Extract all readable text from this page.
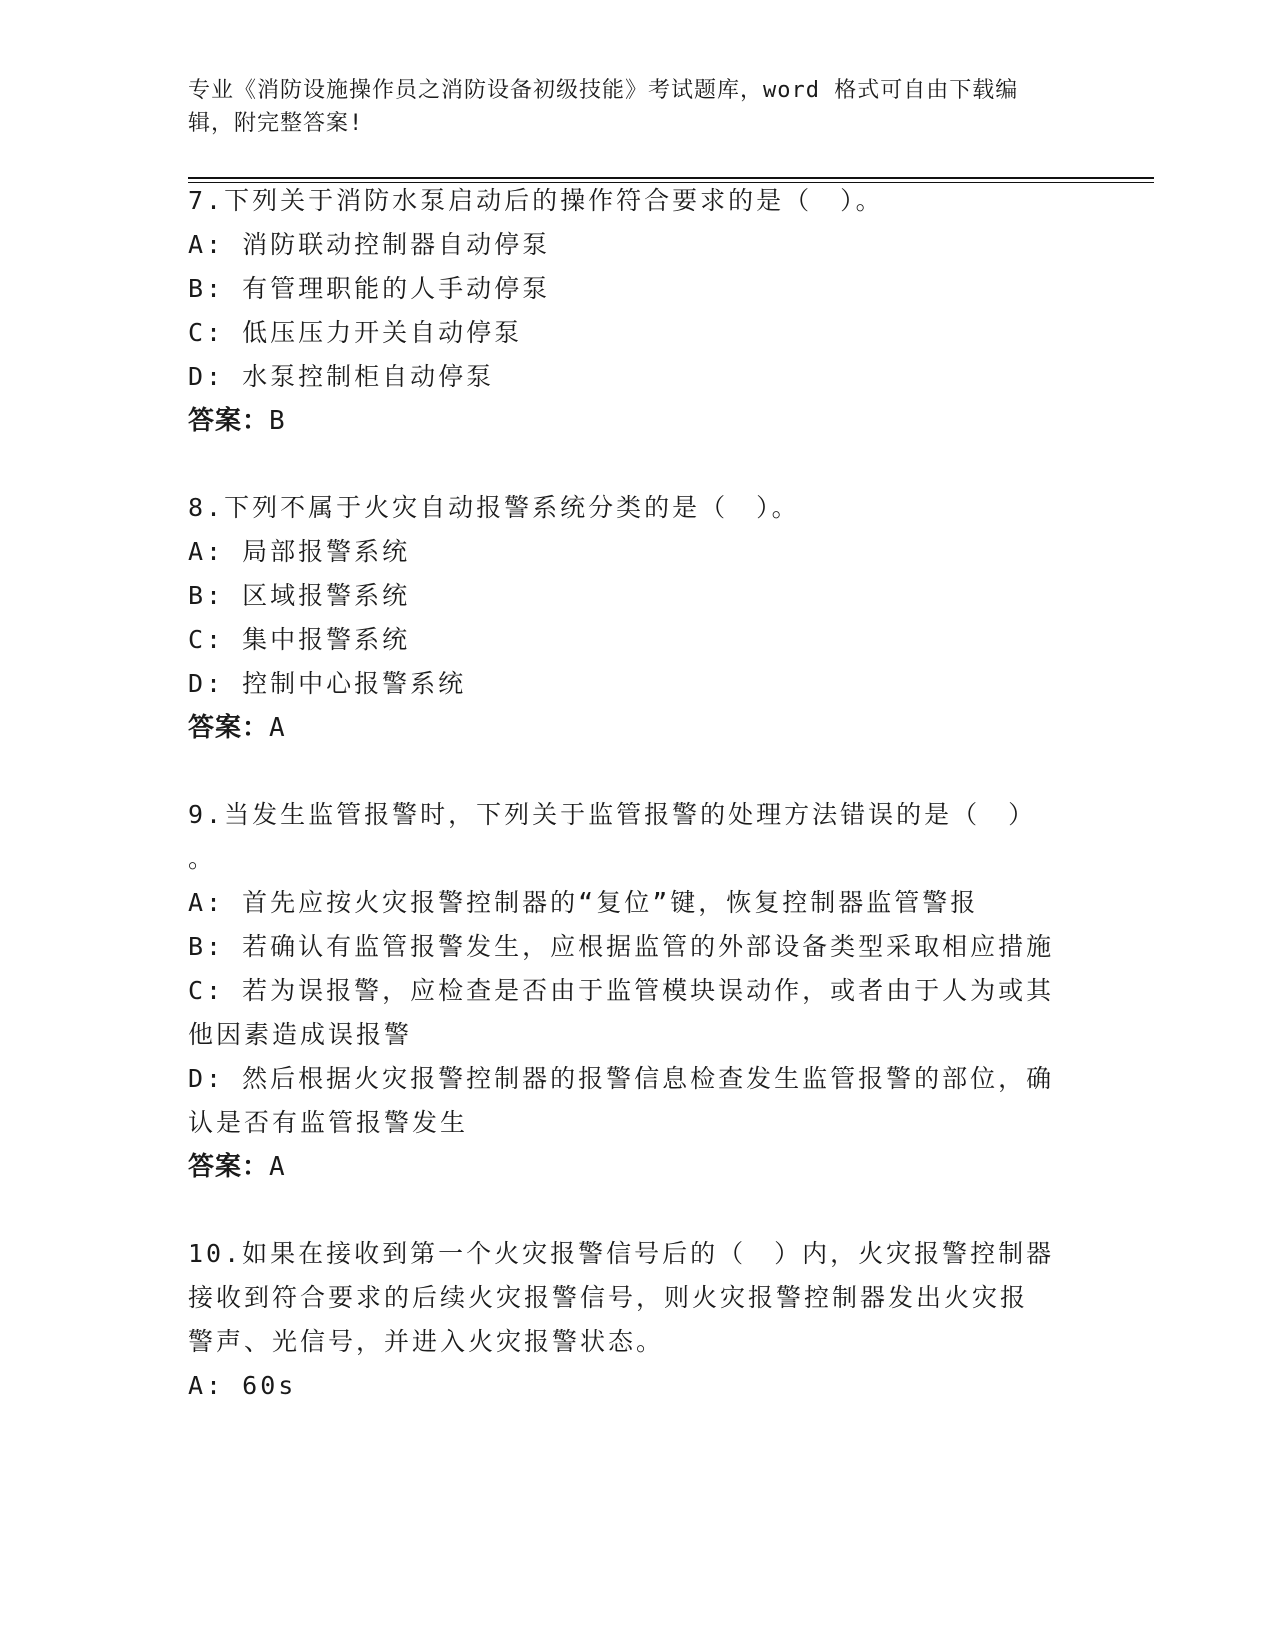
专业《消防设施操作员之消防设备初级技能》考试题库，word 格式可自由下载编
辑，附完整答案!
7.下列关于消防水泵启动后的操作符合要求的是（　）。
A: 消防联动控制器自动停泵
B: 有管理职能的人手动停泵
C: 低压压力开关自动停泵
D: 水泵控制柜自动停泵
答案：B
8.下列不属于火灾自动报警系统分类的是（　）。
A: 局部报警系统
B: 区域报警系统
C: 集中报警系统
D: 控制中心报警系统
答案：A
9.当发生监管报警时，下列关于监管报警的处理方法错误的是（　）
。
A: 首先应按火灾报警控制器的“复位”键，恢复控制器监管警报
B: 若确认有监管报警发生，应根据监管的外部设备类型采取相应措施
C: 若为误报警，应检查是否由于监管模块误动作，或者由于人为或其
他因素造成误报警
D: 然后根据火灾报警控制器的报警信息检查发生监管报警的部位，确
认是否有监管报警发生
答案：A
10.如果在接收到第一个火灾报警信号后的（　）内，火灾报警控制器
接收到符合要求的后续火灾报警信号，则火灾报警控制器发出火灾报
警声、光信号，并进入火灾报警状态。
A: 60s
